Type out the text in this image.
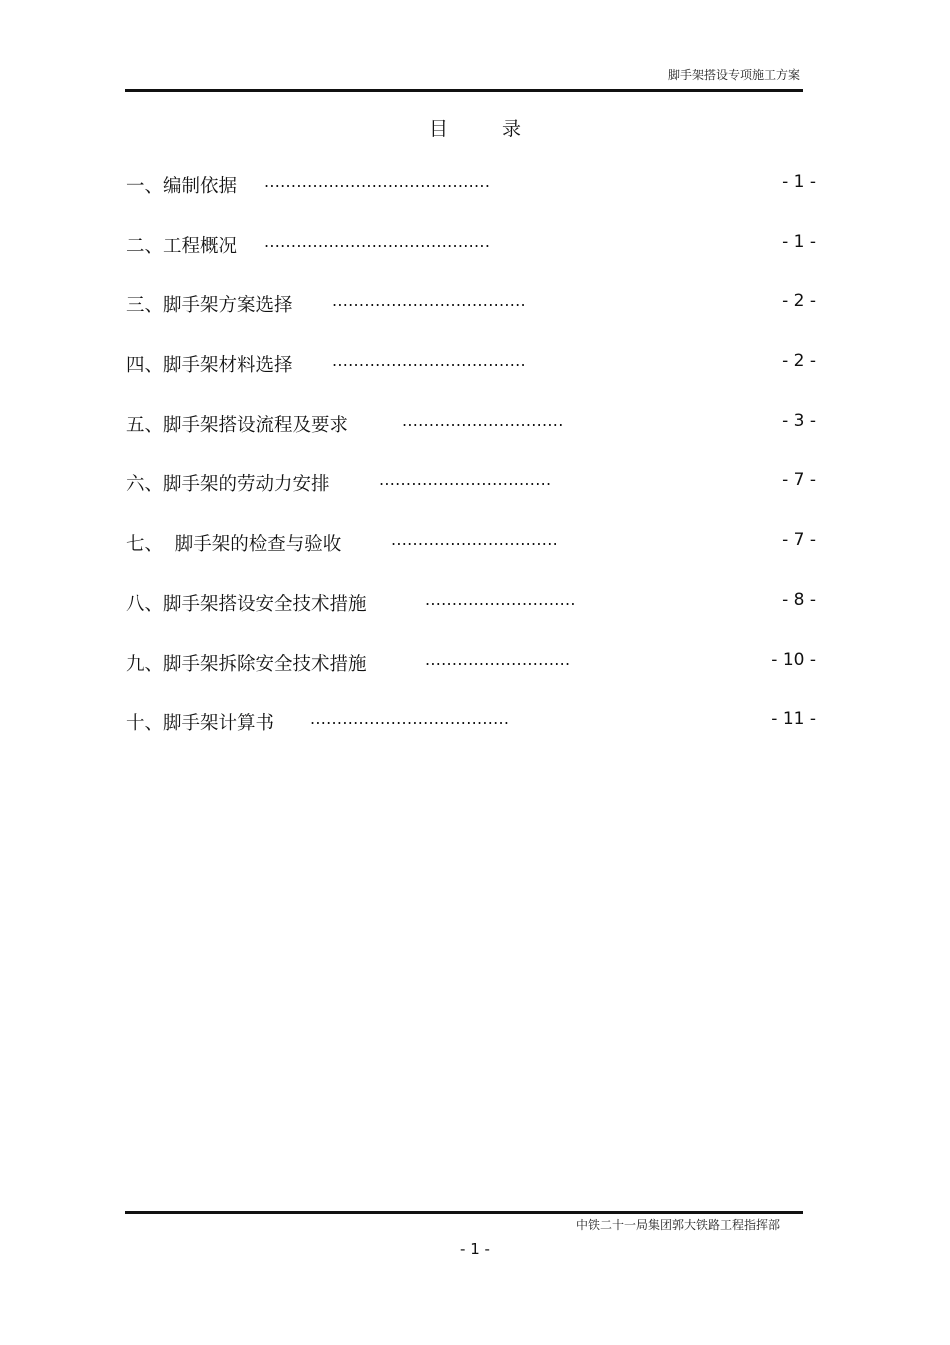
脚手架搭设专项施工方案
目 录
一、编制依据 ..........................................	- 1 -
二、工程概况 ..........................................	- 1 -
三、脚手架方案选择 ....................................	- 2 -
四、脚手架材料选择 ....................................	- 2 -
五、脚手架搭设流程及要求	..............................	- 3 -
六、脚手架的劳动力安排	................................	- 7 -
七、  脚手架的检查与验收	...............................	- 7 -
八、脚手架搭设安全技术措施	............................	- 8 -
九、脚手架拆除安全技术措施	...........................	- 10 -
十、脚手架计算书 .....................................	- 11 -
中铁二十一局集团郭大铁路工程指挥部
- 1 -
